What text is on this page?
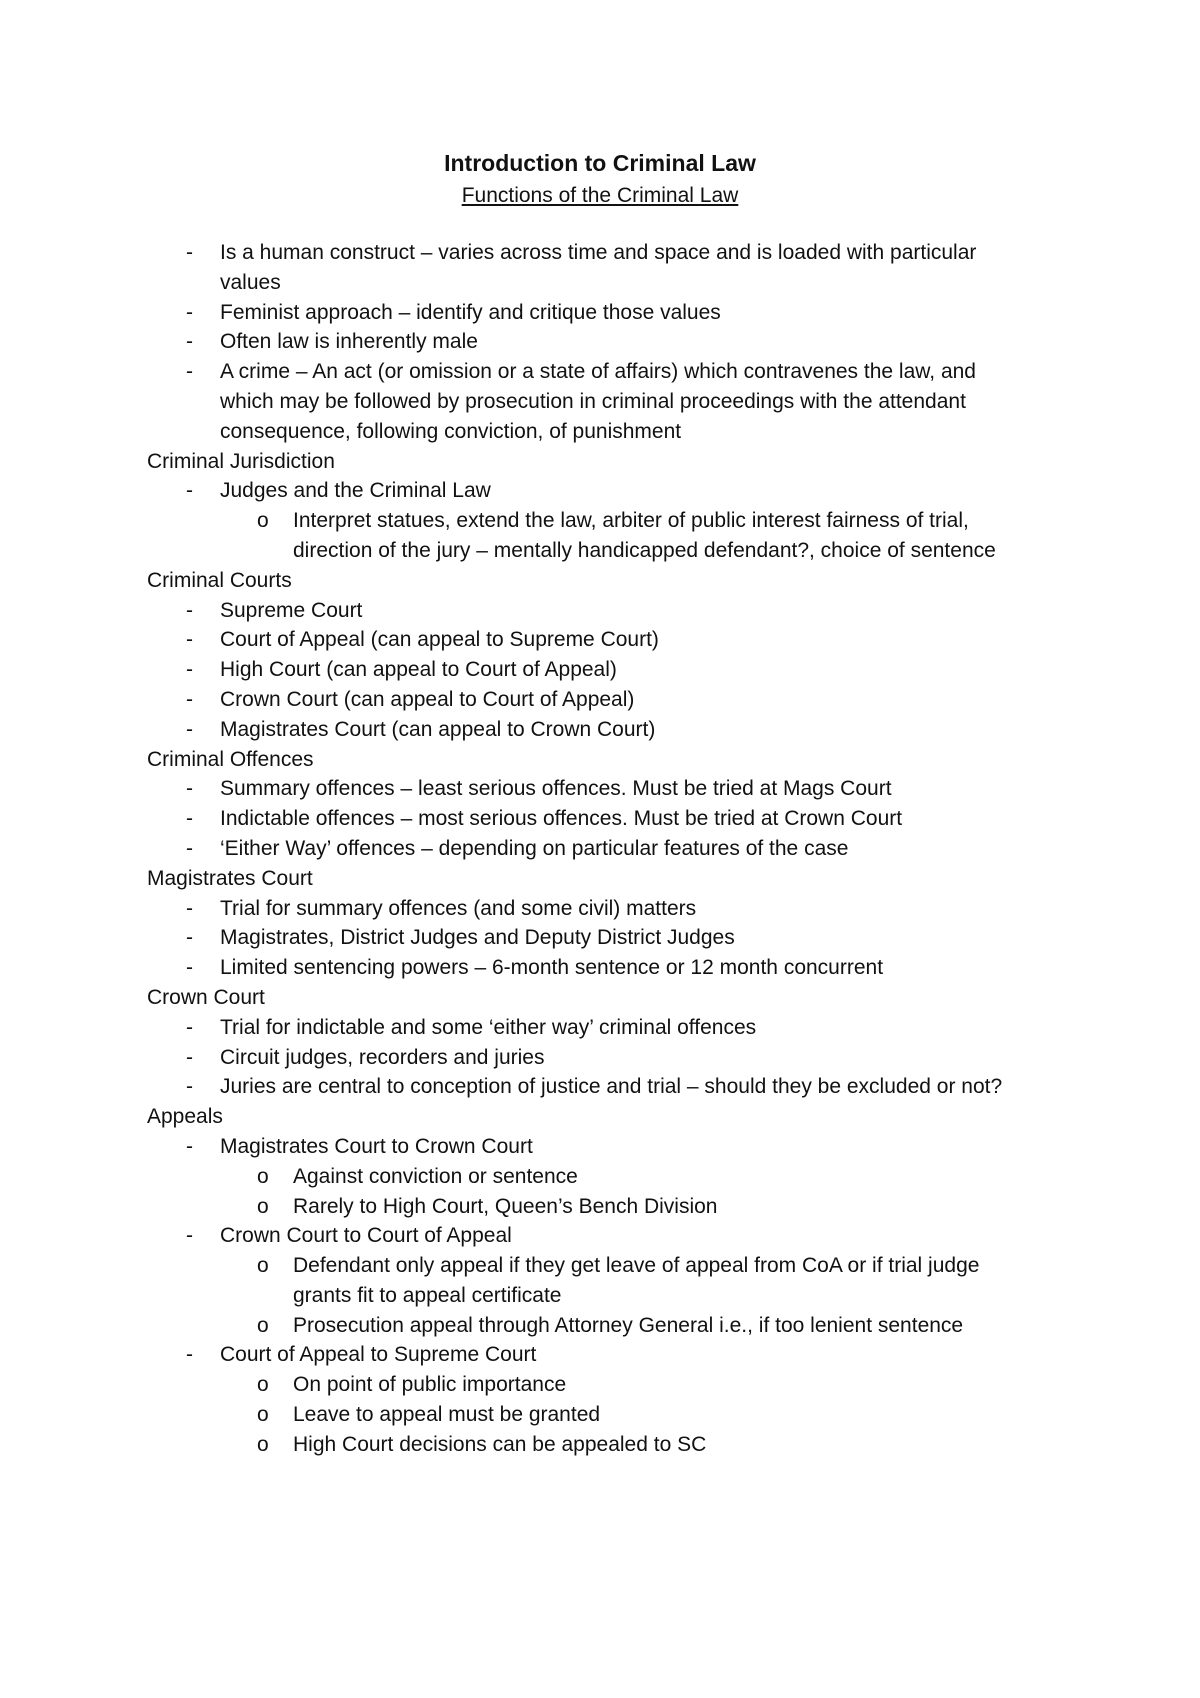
Introduction to Criminal Law

Functions of the Criminal Law

- Is a human construct – varies across time and space and is loaded with particular
values
- Feminist approach – identify and critique those values
- Often law is inherently male
- A crime – An act (or omission or a state of affairs) which contravenes the law, and
which may be followed by prosecution in criminal proceedings with the attendant
consequence, following conviction, of punishment
Criminal Jurisdiction
- Judges and the Criminal Law
o Interpret statues, extend the law, arbiter of public interest fairness of trial,
direction of the jury – mentally handicapped defendant?, choice of sentence
Criminal Courts
- Supreme Court
- Court of Appeal (can appeal to Supreme Court)
- High Court (can appeal to Court of Appeal)
- Crown Court (can appeal to Court of Appeal)
- Magistrates Court (can appeal to Crown Court)
Criminal Offences
- Summary offences – least serious offences. Must be tried at Mags Court
- Indictable offences – most serious offences. Must be tried at Crown Court
- ‘Either Way’ offences – depending on particular features of the case
Magistrates Court
- Trial for summary offences (and some civil) matters
- Magistrates, District Judges and Deputy District Judges
- Limited sentencing powers – 6-month sentence or 12 month concurrent
Crown Court
- Trial for indictable and some ‘either way’ criminal offences
- Circuit judges, recorders and juries
- Juries are central to conception of justice and trial – should they be excluded or not?
Appeals
- Magistrates Court to Crown Court
o Against conviction or sentence
o Rarely to High Court, Queen’s Bench Division
- Crown Court to Court of Appeal
o Defendant only appeal if they get leave of appeal from CoA or if trial judge
grants fit to appeal certificate
o Prosecution appeal through Attorney General i.e., if too lenient sentence
- Court of Appeal to Supreme Court
o On point of public importance
o Leave to appeal must be granted
o High Court decisions can be appealed to SC
